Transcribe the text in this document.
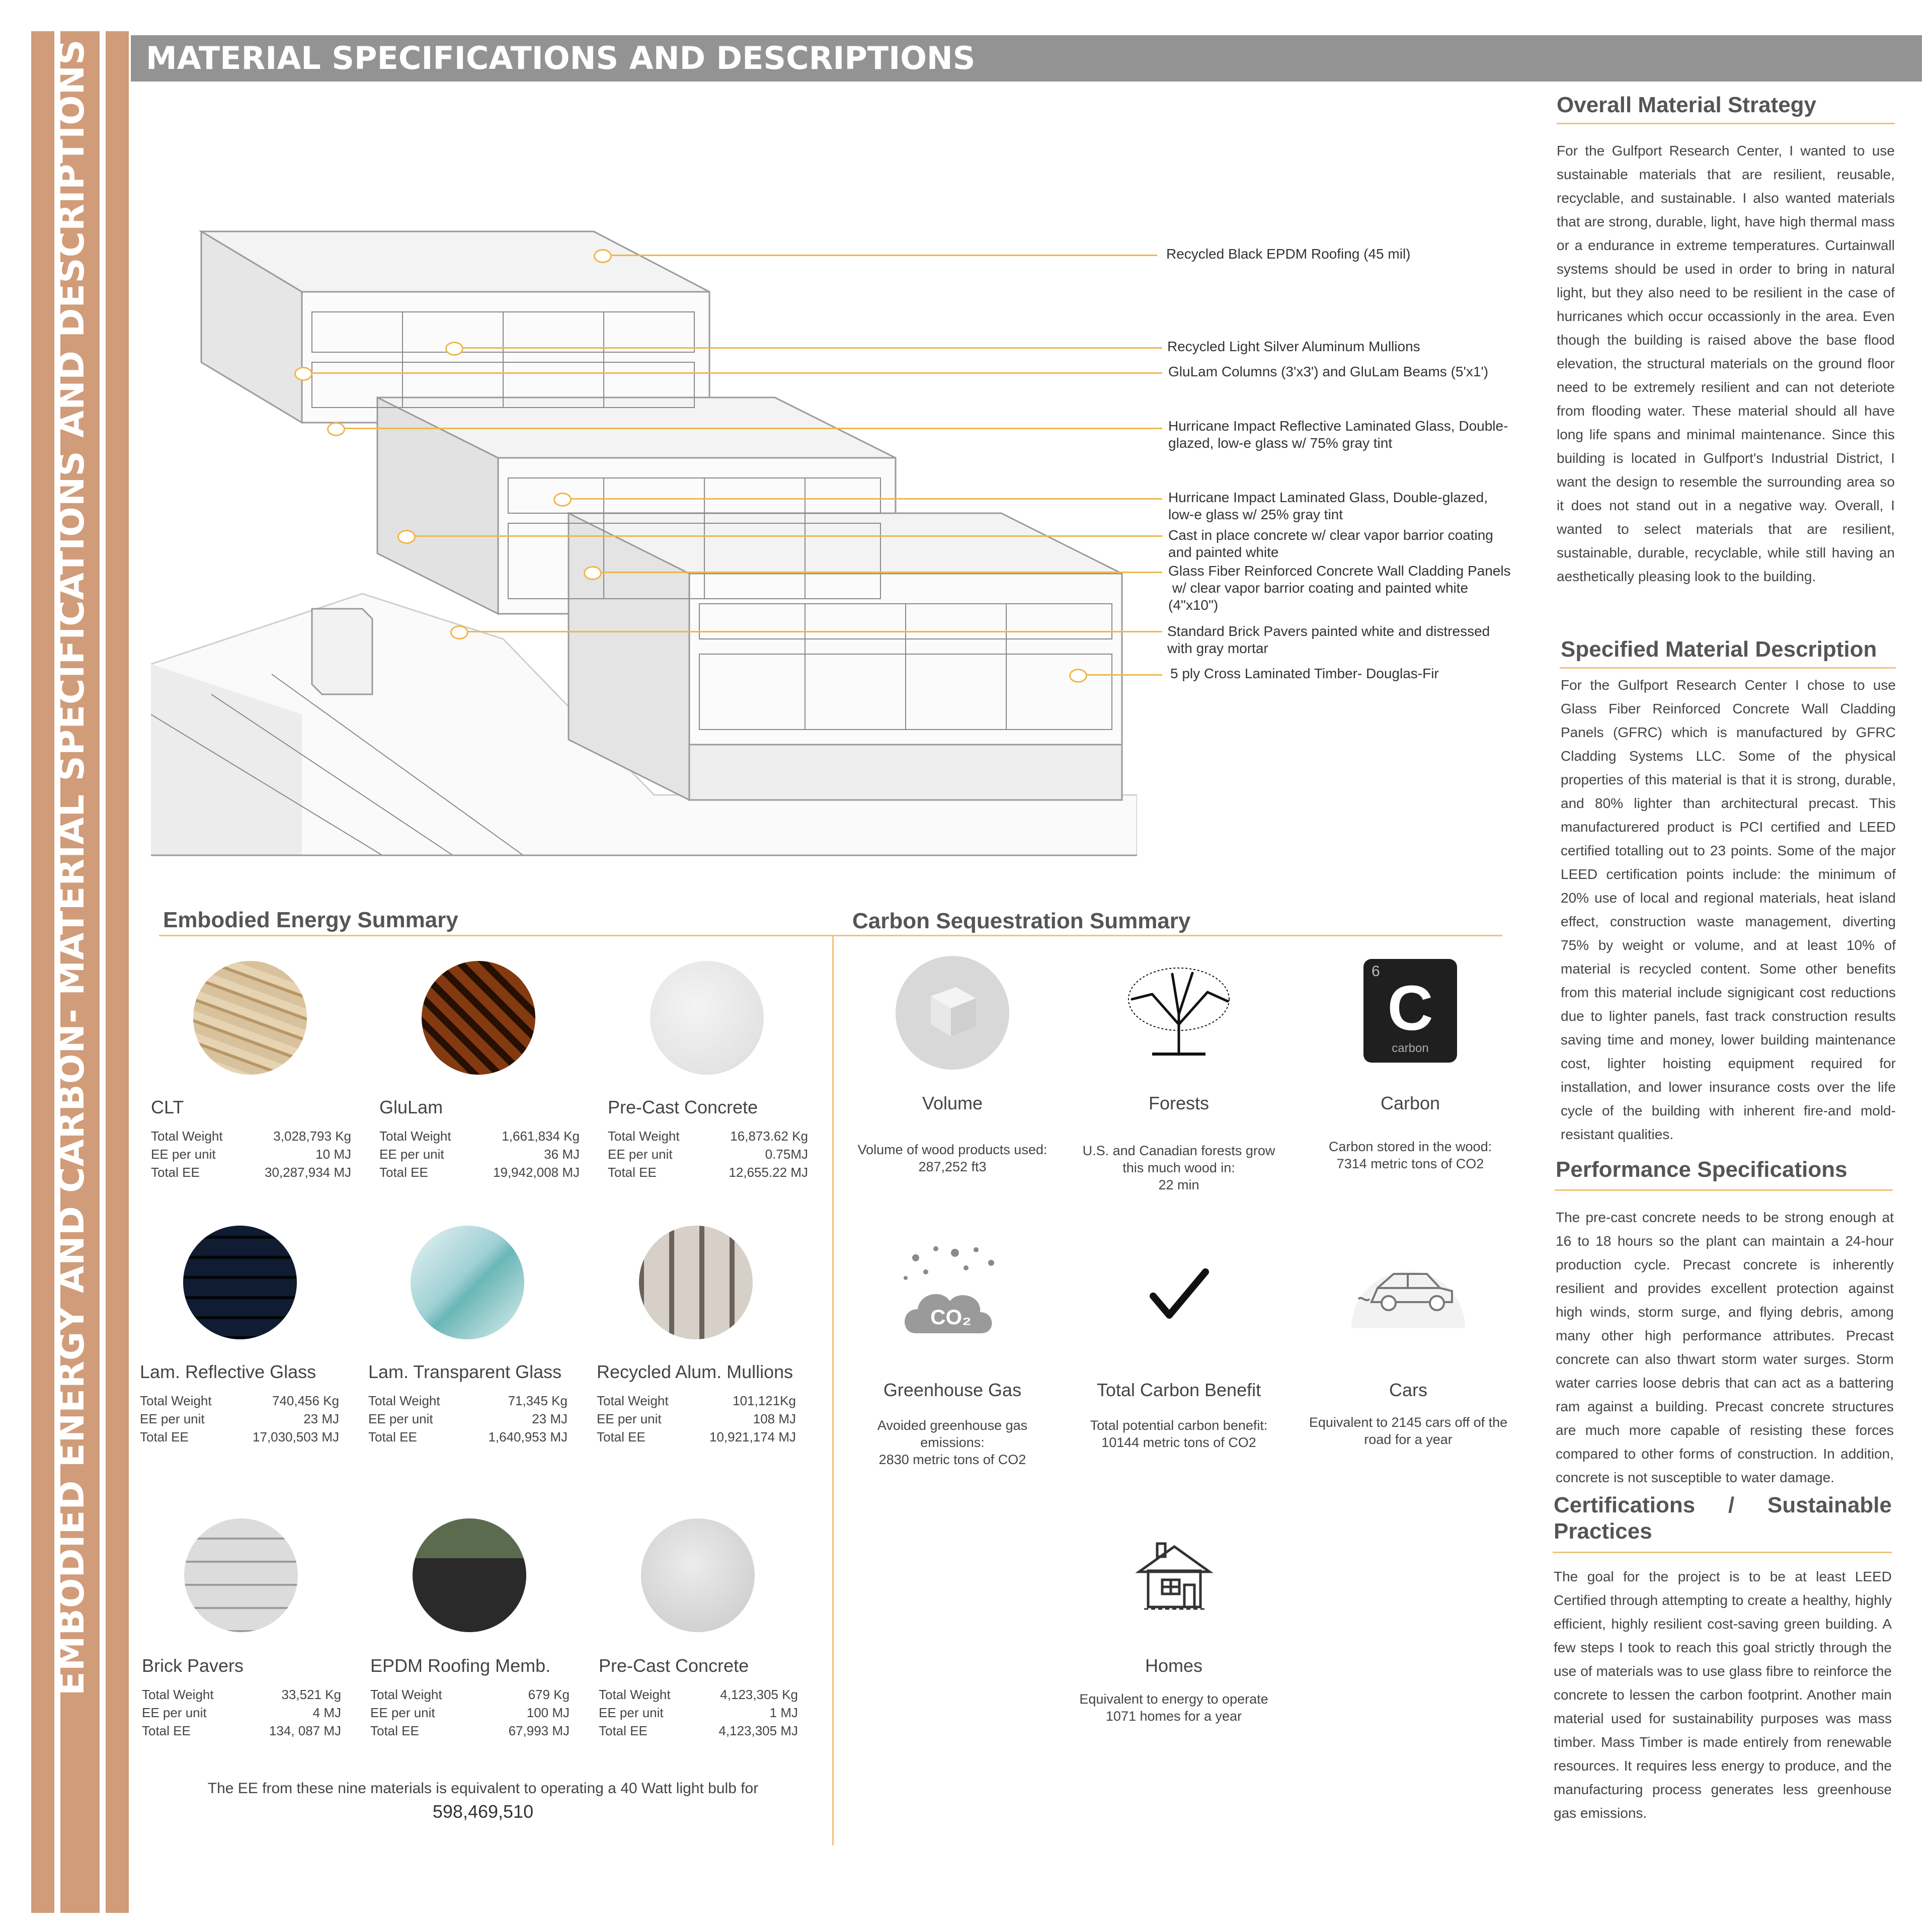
EMBODIED ENERGY AND CARBON- MATERIAL SPECIFICATIONS AND DESCRIPTIONS MATERIAL SPECIFICATIONS AND DESCRIPTIONS
Recycled Black EPDM Roofing (45 mil)
Recycled Light Silver Aluminum Mullions
GluLam Columns (3'x3') and GluLam Beams (5'x1')
Hurricane Impact Reflective Laminated Glass, Double-
glazed, low-e glass w/ 75% gray tint
Hurricane Impact Laminated Glass, Double-glazed,
low-e glass w/ 25% gray tint
Cast in place concrete w/ clear vapor barrior coating
and painted white
Glass Fiber Reinforced Concrete Wall Cladding Panels
w/ clear vapor barrior coating and painted white
(4"x10")
Standard Brick Pavers painted white and distressed
with gray mortar
5 ply Cross Laminated Timber- Douglas-Fir
Embodied Energy Summary
CLT
Total Weight	3,028,793 Kg
EE per unit	10 MJ
Total EE	30,287,934 MJ
GluLam
Total Weight	1,661,834 Kg
EE per unit	36 MJ
Total EE	19,942,008 MJ
Pre-Cast Concrete
Total Weight	16,873.62 Kg
EE per unit	0.75MJ
Total EE	12,655.22 MJ
Lam. Reflective Glass
Total Weight	740,456 Kg
EE per unit	23 MJ
Total EE	17,030,503 MJ
Lam. Transparent Glass
Total Weight	71,345 Kg
EE per unit	23 MJ
Total EE	1,640,953 MJ
Recycled Alum. Mullions
Total Weight	101,121Kg
EE per unit	108 MJ
Total EE	10,921,174 MJ
Brick Pavers
Total Weight	33,521 Kg
EE per unit	4 MJ
Total EE	134, 087 MJ
EPDM Roofing Memb.
Total Weight	679 Kg
EE per unit	100 MJ
Total EE	67,993 MJ
Pre-Cast Concrete
Total Weight	4,123,305 Kg
EE per unit	1 MJ
Total EE	4,123,305 MJ
The EE from these nine materials is equivalent to operating a 40 Watt light bulb for
598,469,510
Carbon Sequestration Summary
Volume
Volume of wood products used:
287,252 ft3
Forests
U.S. and Canadian forests grow
this much wood in:
22 min
6
C
carbon
Carbon
Carbon stored in the wood:
7314 metric tons of CO2
CO₂
Greenhouse Gas
Avoided greenhouse gas
emissions:
2830 metric tons of CO2
Total Carbon Benefit
Total potential carbon benefit:
10144 metric tons of CO2
Cars
Equivalent to 2145 cars off of the
road for a year
Homes
Equivalent to energy to operate
1071 homes for a year
Overall Material Strategy
For the Gulfport Research Center, I wanted to use sustainable materials that are resilient, reusable, recyclable, and sustainable. I also wanted materials that are strong, durable, light, have high thermal mass or a endurance in extreme temperatures. Curtainwall systems should be used in order to bring in natural light, but they also need to be resilient in the case of hurricanes which occur occassionly in the area. Even though the building is raised above the base flood elevation, the structural materials on the ground floor need to be extremely resilient and can not deteriote from flooding water. These material should all have long life spans and minimal maintenance. Since this building is located in Gulfport's Industrial District, I want the design to resemble the surrounding area so it does not stand out in a negative way. Overall, I wanted to select materials that are resilient, sustainable, durable, recyclable, while still having an aesthetically pleasing look to the building.
Specified Material Description
For the Gulfport Research Center I chose to use Glass Fiber Reinforced Concrete Wall Cladding Panels (GFRC) which is manufactured by GFRC Cladding Systems LLC. Some of the physical properties of this material is that it is strong, durable, and 80% lighter than architectural precast. This manufacturered product is PCI certified and LEED certified totalling out to 23 points. Some of the major LEED certification points include: the minimum of 20% use of local and regional materials, heat island effect, construction waste management, diverting 75% by weight or volume, and at least 10% of material is recycled content. Some other benefits from this material include signigicant cost reductions due to lighter panels, fast track construction results saving time and money, lower building maintenance cost, lighter hoisting equipment required for installation, and lower insurance costs over the life cycle of the building with inherent fire-and mold- resistant qualities.
Performance Specifications
The pre-cast concrete needs to be strong enough at 16 to 18 hours so the plant can maintain a 24-hour production cycle. Precast concrete is inherently resilient and provides excellent protection against high winds, storm surge, and flying debris, among many other high performance attributes. Precast concrete can also thwart storm water surges. Storm water carries loose debris that can act as a battering ram against a building. Precast concrete structures are much more capable of resisting these forces compared to other forms of construction. In addition, concrete is not susceptible to water damage.
Certifications / Sustainable Practices
The goal for the project is to be at least LEED Certified through attempting to create a healthy, highly efficient, highly resilient cost-saving green building. A few steps I took to reach this goal strictly through the use of materials was to use glass fibre to reinforce the concrete to lessen the carbon footprint. Another main material used for sustainability purposes was mass timber. Mass Timber is made entirely from renewable resources. It requires less energy to produce, and the manufacturing process generates less greenhouse gas emissions.
